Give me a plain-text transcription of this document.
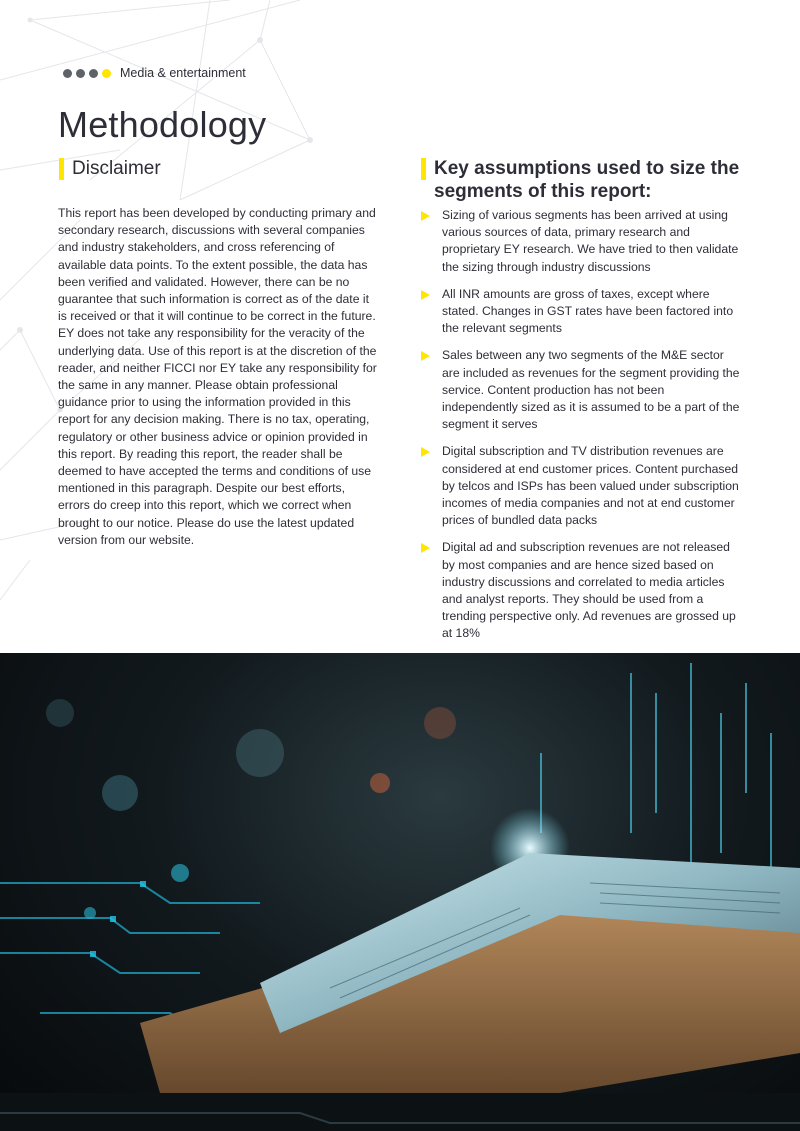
Media & entertainment
Methodology
Disclaimer

This report has been developed by conducting primary and secondary research, discussions with several companies and industry stakeholders, and cross referencing of available data points. To the extent possible, the data has been verified and validated. However, there can be no guarantee that such information is correct as of the date it is received or that it will continue to be correct in the future. EY does not take any responsibility for the veracity of the underlying data. Use of this report is at the discretion of the reader, and neither FICCI nor EY take any responsibility for the same in any manner. Please obtain professional guidance prior to using the information provided in this report for any decision making. There is no tax, operating, regulatory or other business advice or opinion provided in this report. By reading this report, the reader shall be deemed to have accepted the terms and conditions of use mentioned in this paragraph. Despite our best efforts, errors do creep into this report, which we correct when brought to our notice. Please do use the latest updated version from our website.

Key assumptions used to size the segments of this report:
Sizing of various segments has been arrived at using various sources of data, primary research and proprietary EY research. We have tried to then validate the sizing through industry discussions
All INR amounts are gross of taxes, except where stated. Changes in GST rates have been factored into the relevant segments
Sales between any two segments of the M&E sector are included as revenues for the segment providing the service. Content production has not been independently sized as it is assumed to be a part of the segment it serves
Digital subscription and TV distribution revenues are considered at end customer prices. Content purchased by telcos and ISPs has been valued under subscription incomes of media companies and not at end customer prices of bundled data packs
Digital ad and subscription revenues are not released by most companies and are hence sized based on industry discussions and correlated to media articles and analyst reports. They should be used from a trending perspective only. Ad revenues are grossed up at 18%
